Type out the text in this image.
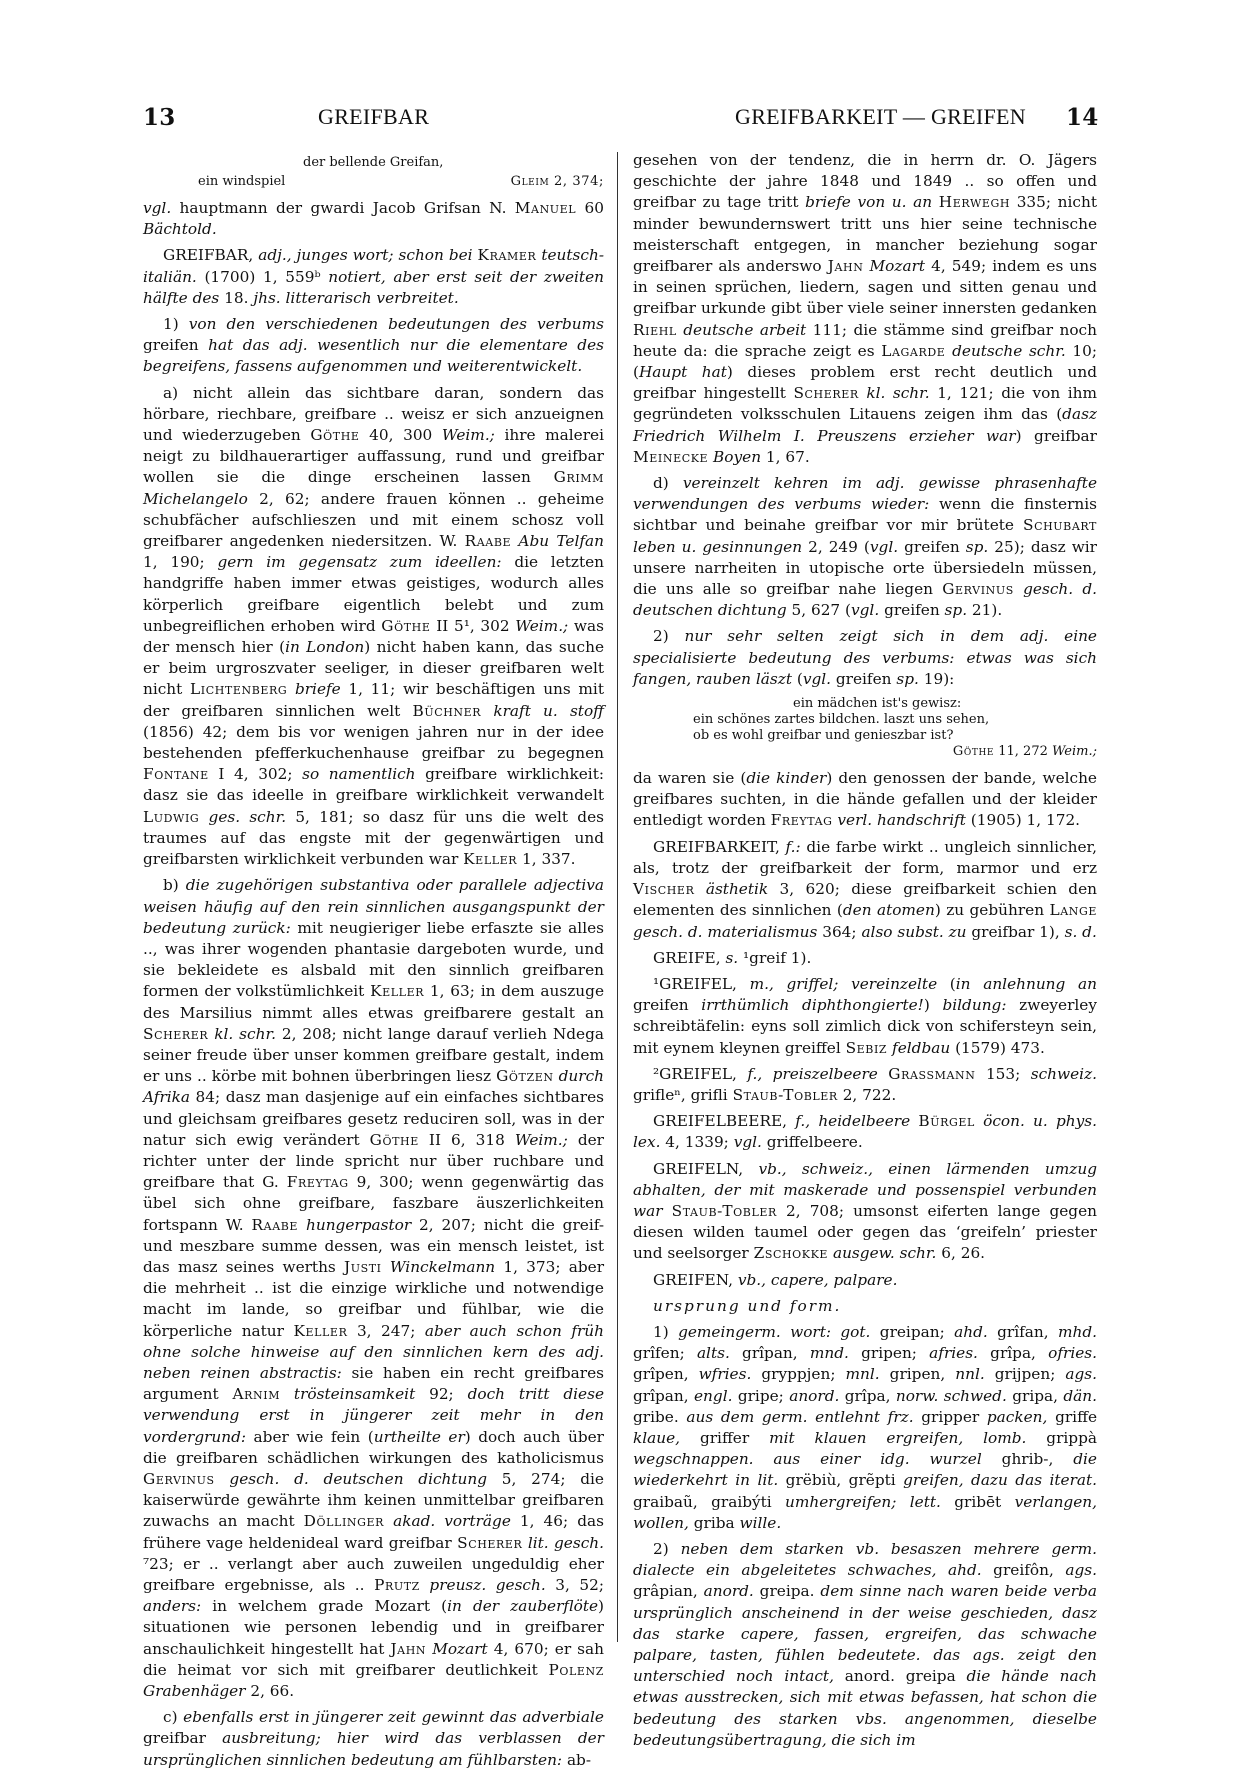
13	GREIFBAR	GREIFBARKEIT — GREIFEN 14
der bellende Greifan,
ein windspiel	Gleim 2, 374;

vgl. hauptmann der gwardi Jacob Grifsan N. Manuel 60 Bächtold.

GREIFBAR, adj., junges wort; schon bei Kramer teutsch-italiän. (1700) 1, 559ᵇ notiert, aber erst seit der zweiten hälfte des 18. jhs. litterarisch verbreitet.

1) von den verschiedenen bedeutungen des verbums greifen hat das adj. wesentlich nur die elementare des begreifens, fassens aufgenommen und weiterentwickelt.

a) nicht allein das sichtbare daran, sondern das hörbare, riechbare, greifbare .. weisz er sich anzueignen und wiederzugeben Göthe 40, 300 Weim.; ihre malerei neigt zu bildhauerartiger auffassung, rund und greifbar wollen sie die dinge erscheinen lassen Grimm Michelangelo 2, 62; andere frauen können .. geheime schubfächer aufschlieszen und mit einem schosz voll greifbarer angedenken niedersitzen. W. Raabe Abu Telfan 1, 190; gern im gegensatz zum ideellen: die letzten handgriffe haben immer etwas geistiges, wodurch alles körperlich greifbare eigentlich belebt und zum unbegreiflichen erhoben wird Göthe II 5¹, 302 Weim.; was der mensch hier (in London) nicht haben kann, das suche er beim urgroszvater seeliger, in dieser greifbaren welt nicht Lichtenberg briefe 1, 11; wir beschäftigen uns mit der greifbaren sinnlichen welt Büchner kraft u. stoff (1856) 42; dem bis vor wenigen jahren nur in der idee bestehenden pfefferkuchenhause greifbar zu begegnen Fontane I 4, 302; so namentlich greifbare wirklichkeit: dasz sie das ideelle in greifbare wirklichkeit verwandelt Ludwig ges. schr. 5, 181; so dasz für uns die welt des traumes auf das engste mit der gegenwärtigen und greifbarsten wirklichkeit verbunden war Keller 1, 337.

b) die zugehörigen substantiva oder parallele adjectiva weisen häufig auf den rein sinnlichen ausgangspunkt der bedeutung zurück: mit neugieriger liebe erfaszte sie alles .., was ihrer wogenden phantasie dargeboten wurde, und sie bekleidete es alsbald mit den sinnlich greifbaren formen der volkstümlichkeit Keller 1, 63; in dem auszuge des Marsilius nimmt alles etwas greifbarere gestalt an Scherer kl. schr. 2, 208; nicht lange darauf verlieh Ndega seiner freude über unser kommen greifbare gestalt, indem er uns .. körbe mit bohnen überbringen liesz Götzen durch Afrika 84; dasz man dasjenige auf ein einfaches sichtbares und gleichsam greifbares gesetz reduciren soll, was in der natur sich ewig verändert Göthe II 6, 318 Weim.; der richter unter der linde spricht nur über ruchbare und greifbare that G. Freytag 9, 300; wenn gegenwärtig das übel sich ohne greifbare, faszbare äuszerlichkeiten fortspann W. Raabe hungerpastor 2, 207; nicht die greif- und meszbare summe dessen, was ein mensch leistet, ist das masz seines werths Justi Winckelmann 1, 373; aber die mehrheit .. ist die einzige wirkliche und notwendige macht im lande, so greifbar und fühlbar, wie die körperliche natur Keller 3, 247; aber auch schon früh ohne solche hinweise auf den sinnlichen kern des adj. neben reinen abstractis: sie haben ein recht greifbares argument Arnim trösteinsamkeit 92; doch tritt diese verwendung erst in jüngerer zeit mehr in den vordergrund: aber wie fein (urtheilte er) doch auch über die greifbaren schädlichen wirkungen des katholicismus Gervinus gesch. d. deutschen dichtung 5, 274; die kaiserwürde gewährte ihm keinen unmittelbar greifbaren zuwachs an macht Döllinger akad. vorträge 1, 46; das frühere vage heldenideal ward greifbar Scherer lit. gesch. ⁷23; er .. verlangt aber auch zuweilen ungeduldig eher greifbare ergebnisse, als .. Prutz preusz. gesch. 3, 52; anders: in welchem grade Mozart (in der zauberflöte) situationen wie personen lebendig und in greifbarer anschaulichkeit hingestellt hat Jahn Mozart 4, 670; er sah die heimat vor sich mit greifbarer deutlichkeit Polenz Grabenhäger 2, 66.

c) ebenfalls erst in jüngerer zeit gewinnt das adverbiale greifbar ausbreitung; hier wird das verblassen der ursprünglichen sinnlichen bedeutung am fühlbarsten: ab-

gesehen von der tendenz, die in herrn dr. O. Jägers geschichte der jahre 1848 und 1849 .. so offen und greifbar zu tage tritt briefe von u. an Herwegh 335; nicht minder bewundernswert tritt uns hier seine technische meisterschaft entgegen, in mancher beziehung sogar greifbarer als anderswo Jahn Mozart 4, 549; indem es uns in seinen sprüchen, liedern, sagen und sitten genau und greifbar urkunde gibt über viele seiner innersten gedanken Riehl deutsche arbeit 111; die stämme sind greifbar noch heute da: die sprache zeigt es Lagarde deutsche schr. 10; (Haupt hat) dieses problem erst recht deutlich und greifbar hingestellt Scherer kl. schr. 1, 121; die von ihm gegründeten volksschulen Litauens zeigen ihm das (dasz Friedrich Wilhelm I. Preuszens erzieher war) greifbar Meinecke Boyen 1, 67.

d) vereinzelt kehren im adj. gewisse phrasenhafte verwendungen des verbums wieder: wenn die finsternis sichtbar und beinahe greifbar vor mir brütete Schubart leben u. gesinnungen 2, 249 (vgl. greifen sp. 25); dasz wir unsere narrheiten in utopische orte übersiedeln müssen, die uns alle so greifbar nahe liegen Gervinus gesch. d. deutschen dichtung 5, 627 (vgl. greifen sp. 21).

2) nur sehr selten zeigt sich in dem adj. eine specialisierte bedeutung des verbums: etwas was sich fangen, rauben läszt (vgl. greifen sp. 19):

ein mädchen ist's gewisz:
ein schönes zartes bildchen. laszt uns sehen,
ob es wohl greifbar und genieszbar ist?
Göthe 11, 272 Weim.;

da waren sie (die kinder) den genossen der bande, welche greifbares suchten, in die hände gefallen und der kleider entledigt worden Freytag verl. handschrift (1905) 1, 172.

GREIFBARKEIT, f.: die farbe wirkt .. ungleich sinnlicher, als, trotz der greifbarkeit der form, marmor und erz Vischer ästhetik 3, 620; diese greifbarkeit schien den elementen des sinnlichen (den atomen) zu gebühren Lange gesch. d. materialismus 364; also subst. zu greifbar 1), s. d.

GREIFE, s. ¹greif 1).

¹GREIFEL, m., griffel; vereinzelte (in anlehnung an greifen irrthümlich diphthongierte!) bildung: zweyerley schreibtäfelin: eyns soll zimlich dick von schifersteyn sein, mit eynem kleynen greiffel Sebiz feldbau (1579) 473.

²GREIFEL, f., preiszelbeere Grassmann 153; schweiz. grifleⁿ, grifli Staub-Tobler 2, 722.

GREIFELBEERE, f., heidelbeere Bürgel öcon. u. phys. lex. 4, 1339; vgl. griffelbeere.

GREIFELN, vb., schweiz., einen lärmenden umzug abhalten, der mit maskerade und possenspiel verbunden war Staub-Tobler 2, 708; umsonst eiferten lange gegen diesen wilden taumel oder gegen das ‘greifeln’ priester und seelsorger Zschokke ausgew. schr. 6, 26.

GREIFEN, vb., capere, palpare.

ursprung und form.

1) gemeingerm. wort: got. greipan; ahd. grîfan, mhd. grîfen; alts. grîpan, mnd. gripen; afries. grîpa, ofries. grîpen, wfries. gryppjen; mnl. gripen, nnl. grijpen; ags. grîpan, engl. gripe; anord. grîpa, norw. schwed. gripa, dän. gribe. aus dem germ. entlehnt frz. gripper packen, griffe klaue, griffer mit klauen ergreifen, lomb. grippà wegschnappen. aus einer idg. wurzel ghrib-, die wiederkehrt in lit. grëbiù, grẽpti greifen, dazu das iterat. graibaũ, graibýti umhergreifen; lett. gribēt verlangen, wollen, griba wille.

2) neben dem starken vb. besaszen mehrere germ. dialecte ein abgeleitetes schwaches, ahd. greifôn, ags. grâpian, anord. greipa. dem sinne nach waren beide verba ursprünglich anscheinend in der weise geschieden, dasz das starke capere, fassen, ergreifen, das schwache palpare, tasten, fühlen bedeutete. das ags. zeigt den unterschied noch intact, anord. greipa die hände nach etwas ausstrecken, sich mit etwas befassen, hat schon die bedeutung des starken vbs. angenommen, dieselbe bedeutungsübertragung, die sich im
